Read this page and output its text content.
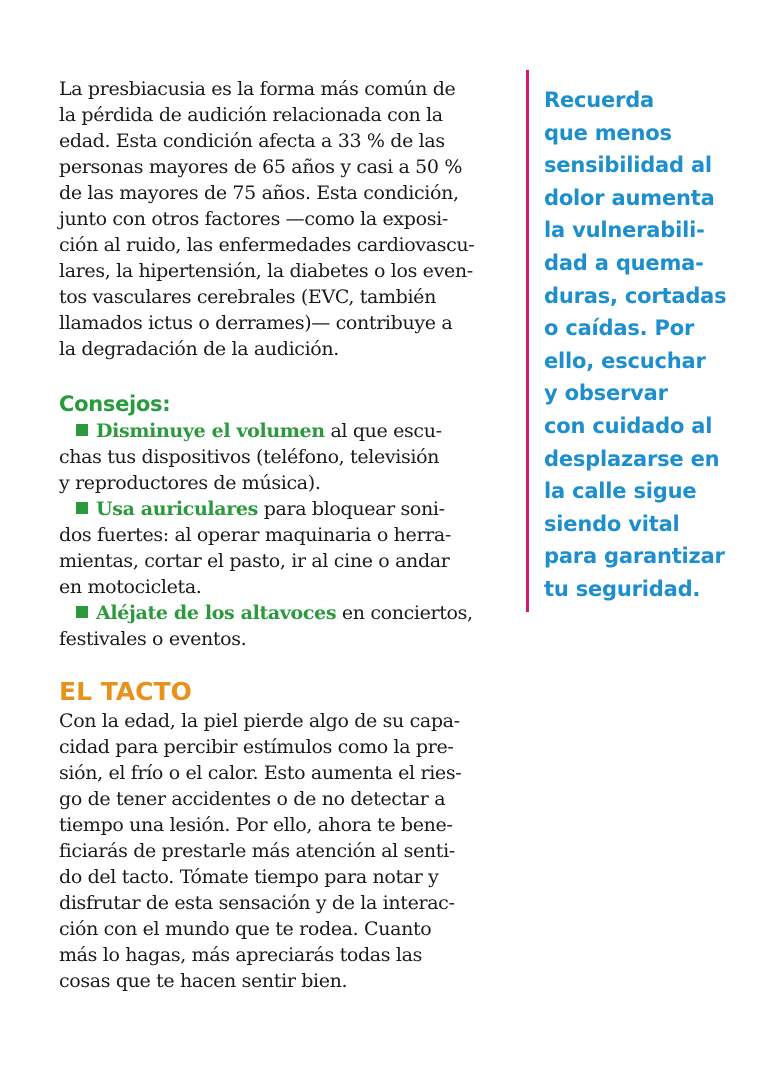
La presbiacusia es la forma más común de
la pérdida de audición relacionada con la
edad. Esta condición afecta a 33 % de las
personas mayores de 65 años y casi a 50 %
de las mayores de 75 años. Esta condición,
junto con otros factores —como la exposi-
ción al ruido, las enfermedades cardiovascu-
lares, la hipertensión, la diabetes o los even-
tos vasculares cerebrales (EVC, también
llamados ictus o derrames)— contribuye a
la degradación de la audición.

Consejos:
Disminuye el volumen al que escu-
chas tus dispositivos (teléfono, televisión
y reproductores de música).
Usa auriculares para bloquear soni-
dos fuertes: al operar maquinaria o herra-
mientas, cortar el pasto, ir al cine o andar
en motocicleta.
Aléjate de los altavoces en conciertos,
festivales o eventos.
EL TACTO

Con la edad, la piel pierde algo de su capa-
cidad para percibir estímulos como la pre-
sión, el frío o el calor. Esto aumenta el ries-
go de tener accidentes o de no detectar a
tiempo una lesión. Por ello, ahora te bene-
ficiarás de prestarle más atención al senti-
do del tacto. Tómate tiempo para notar y
disfrutar de esta sensación y de la interac-
ción con el mundo que te rodea. Cuanto
más lo hagas, más apreciarás todas las
cosas que te hacen sentir bien.

Recuerda
que menos
sensibilidad al
dolor aumenta
la vulnerabili-
dad a quema-
duras, cortadas
o caídas. Por
ello, escuchar
y observar
con cuidado al
desplazarse en
la calle sigue
siendo vital
para garantizar
tu seguridad.
